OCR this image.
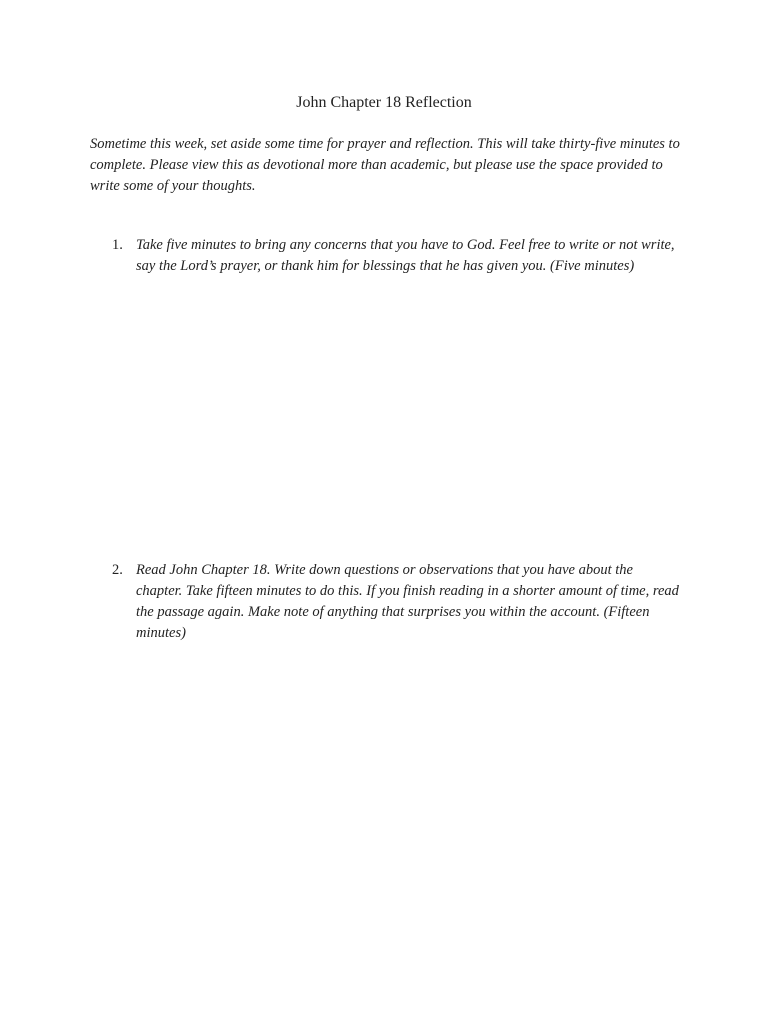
John Chapter 18 Reflection
Sometime this week, set aside some time for prayer and reflection. This will take thirty-five minutes to complete. Please view this as devotional more than academic, but please use the space provided to write some of your thoughts.
1. Take five minutes to bring any concerns that you have to God. Feel free to write or not write, say the Lord’s prayer, or thank him for blessings that he has given you. (Five minutes)
2. Read John Chapter 18. Write down questions or observations that you have about the chapter. Take fifteen minutes to do this. If you finish reading in a shorter amount of time, read the passage again. Make note of anything that surprises you within the account. (Fifteen minutes)
